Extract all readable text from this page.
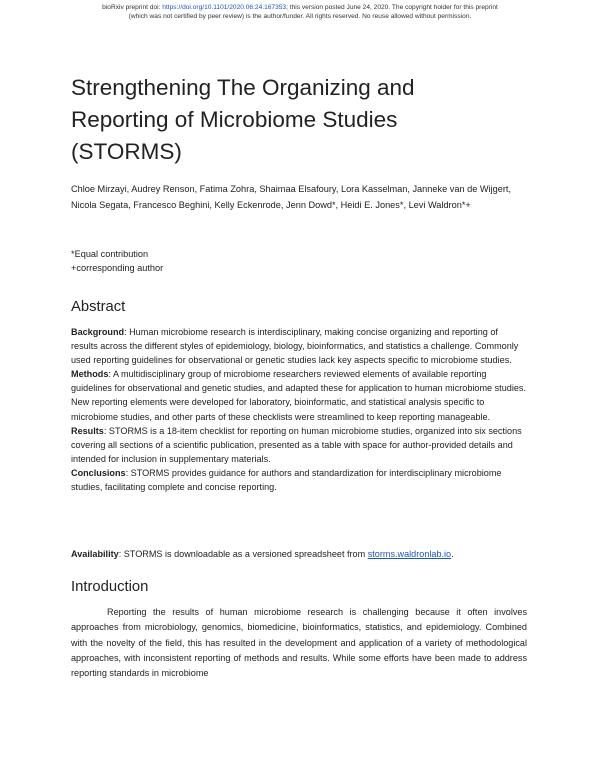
bioRxiv preprint doi: https://doi.org/10.1101/2020.06.24.167353; this version posted June 24, 2020. The copyright holder for this preprint
(which was not certified by peer review) is the author/funder. All rights reserved. No reuse allowed without permission.
Strengthening The Organizing and
Reporting of Microbiome Studies
(STORMS)
Chloe Mirzayi, Audrey Renson, Fatima Zohra, Shaimaa Elsafoury, Lora Kasselman, Janneke van de Wijgert, Nicola Segata, Francesco Beghini, Kelly Eckenrode, Jenn Dowd*, Heidi E. Jones*, Levi Waldron*+
*Equal contribution
+corresponding author
Abstract

Background: Human microbiome research is interdisciplinary, making concise organizing and reporting of results across the different styles of epidemiology, biology, bioinformatics, and statistics a challenge. Commonly used reporting guidelines for observational or genetic studies lack key aspects specific to microbiome studies.

Methods: A multidisciplinary group of microbiome researchers reviewed elements of available reporting guidelines for observational and genetic studies, and adapted these for application to human microbiome studies. New reporting elements were developed for laboratory, bioinformatic, and statistical analysis specific to microbiome studies, and other parts of these checklists were streamlined to keep reporting manageable.

Results: STORMS is a 18-item checklist for reporting on human microbiome studies, organized into six sections covering all sections of a scientific publication, presented as a table with space for author-provided details and intended for inclusion in supplementary materials.

Conclusions: STORMS provides guidance for authors and standardization for interdisciplinary microbiome studies, facilitating complete and concise reporting.

Availability: STORMS is downloadable as a versioned spreadsheet from storms.waldronlab.io.
Introduction

Reporting the results of human microbiome research is challenging because it often involves approaches from microbiology, genomics, biomedicine, bioinformatics, statistics, and epidemiology. Combined with the novelty of the field, this has resulted in the development and application of a variety of methodological approaches, with inconsistent reporting of methods and results. While some efforts have been made to address reporting standards in microbiome
